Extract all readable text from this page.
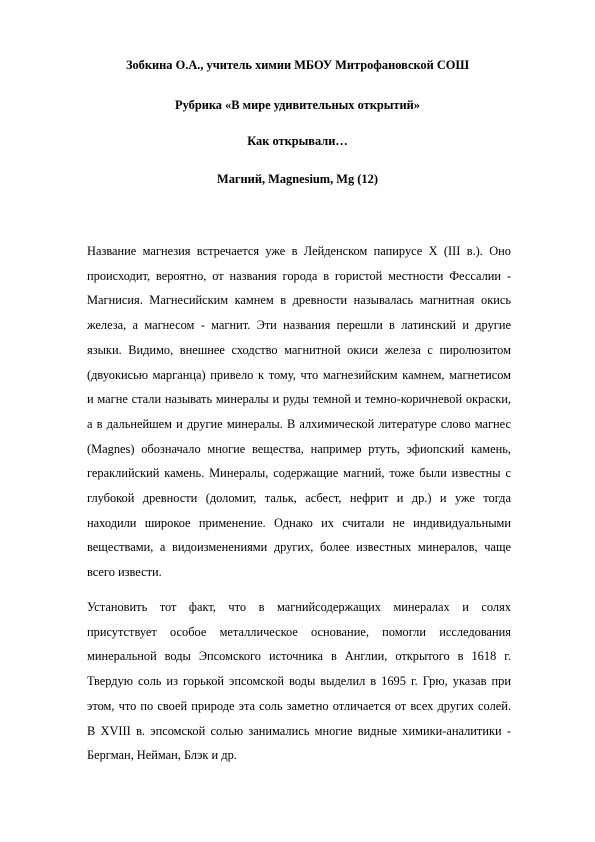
Зобкина О.А., учитель химии МБОУ Митрофановской СОШ
Рубрика «В мире удивительных открытий»
Как открывали…
Магний, Magnesium, Mg (12)
Название магнезия встречается уже в Лейденском папирусе Х (III в.). Оно
происходит, вероятно, от названия города в гористой местности Фессалии -
Магнисия. Магнесийским камнем в древности называлась магнитная окись
железа, а магнесом - магнит. Эти названия перешли в латинский и другие
языки. Видимо, внешнее сходство магнитной окиси железа с пиролюзитом
(двуокисью марганца) привело к тому, что магнезийским камнем, магнетисом
и магне стали называть минералы и руды темной и темно-коричневой окраски,
а в дальнейшем и другие минералы. В алхимической литературе слово магнес
(Magnes) обозначало многие вещества, например ртуть, эфиопский камень,
гераклийский камень. Минералы, содержащие магний, тоже были известны с
глубокой древности (доломит, тальк, асбест, нефрит и др.) и уже тогда
находили широкое применение. Однако их считали не индивидуальными
веществами, а видоизменениями других, более известных минералов, чаще
всего извести.
Установить тот факт, что в магнийсодержащих минералах и солях
присутствует особое металлическое основание, помогли исследования
минеральной воды Эпсомского источника в Англии, открытого в 1618 г.
Твердую соль из горькой эпсомской воды выделил в 1695 г. Грю, указав при
этом, что по своей природе эта соль заметно отличается от всех других солей.
В XVIII в. эпсомской солью занимались многие видные химики-аналитики -
Бергман, Нейман, Блэк и др.
